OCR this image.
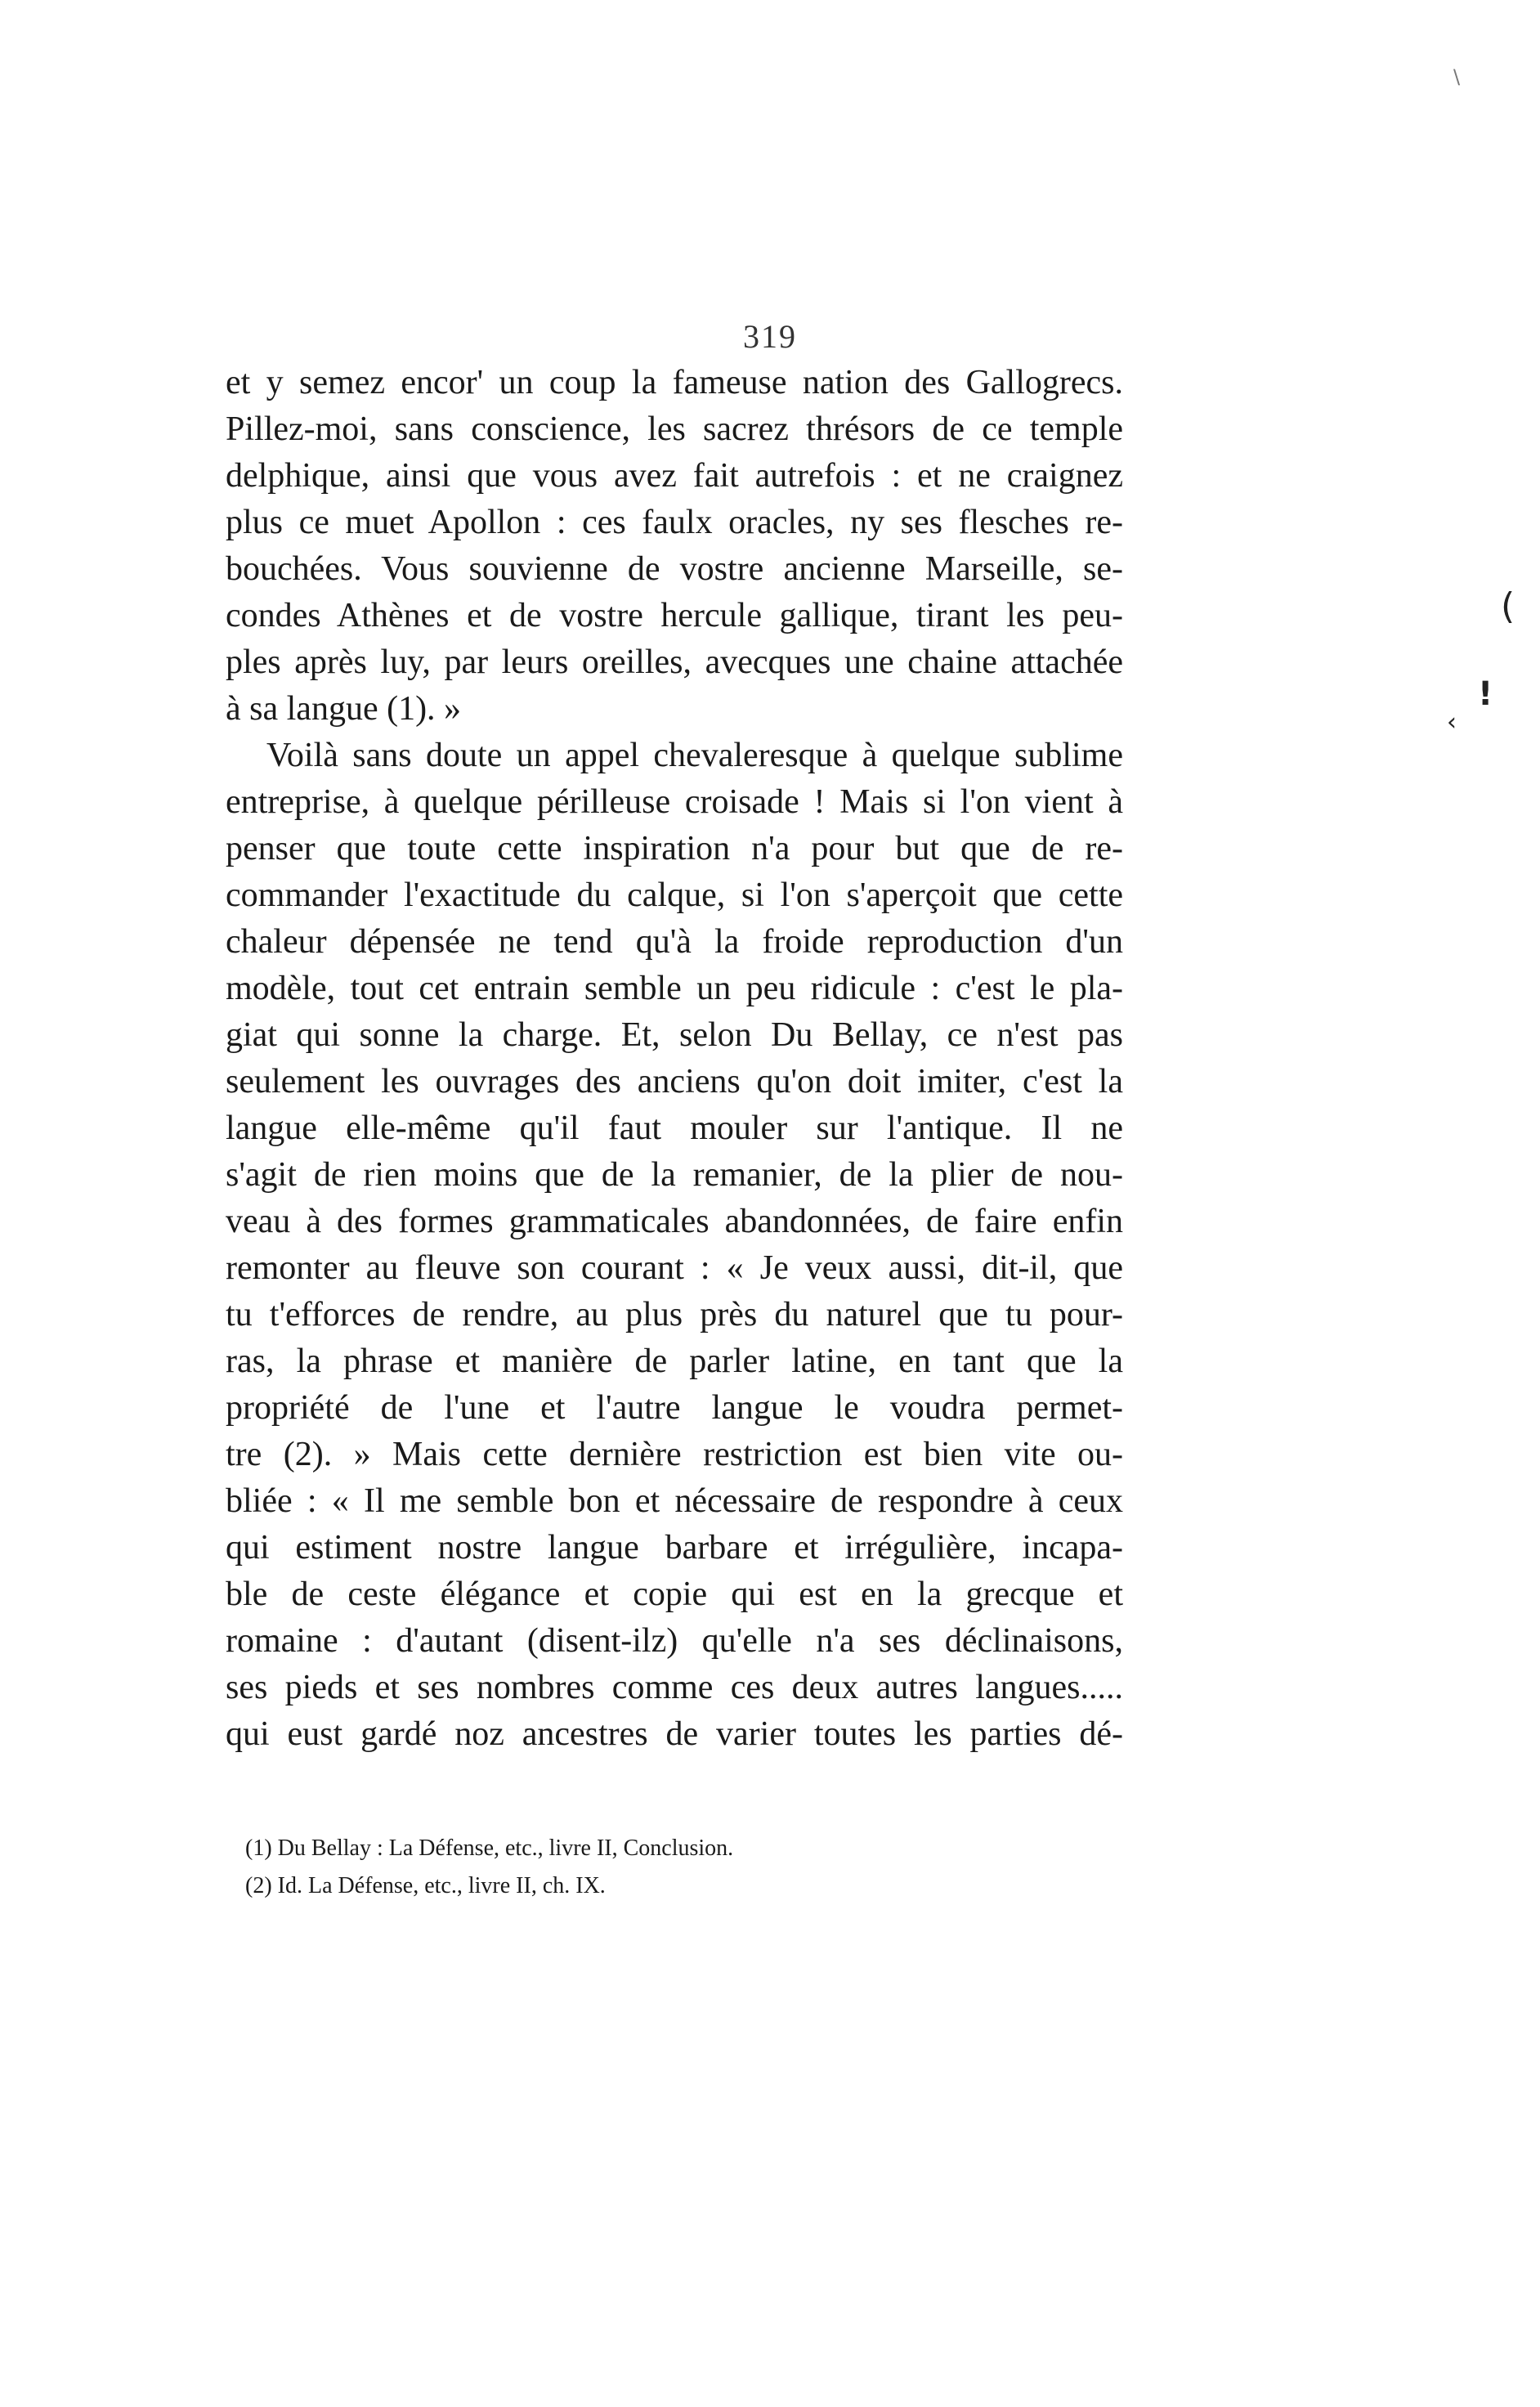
319
et y semez encor' un coup la fameuse nation des Gallogrecs.
Pillez-moi, sans conscience, les sacrez thrésors de ce temple
delphique, ainsi que vous avez fait autrefois : et ne craignez
plus ce muet Apollon : ces faulx oracles, ny ses flesches re-
bouchées. Vous souvienne de vostre ancienne Marseille, se-
condes Athènes et de vostre hercule gallique, tirant les peu-
ples après luy, par leurs oreilles, avecques une chaine attachée
à sa langue (1). »
Voilà sans doute un appel chevaleresque à quelque sublime
entreprise, à quelque périlleuse croisade ! Mais si l'on vient à
penser que toute cette inspiration n'a pour but que de re-
commander l'exactitude du calque, si l'on s'aperçoit que cette
chaleur dépensée ne tend qu'à la froide reproduction d'un
modèle, tout cet entrain semble un peu ridicule : c'est le pla-
giat qui sonne la charge. Et, selon Du Bellay, ce n'est pas
seulement les ouvrages des anciens qu'on doit imiter, c'est la
langue elle-même qu'il faut mouler sur l'antique. Il ne
s'agit de rien moins que de la remanier, de la plier de nou-
veau à des formes grammaticales abandonnées, de faire enfin
remonter au fleuve son courant : « Je veux aussi, dit-il, que
tu t'efforces de rendre, au plus près du naturel que tu pour-
ras, la phrase et manière de parler latine, en tant que la
propriété de l'une et l'autre langue le voudra permet-
tre (2). » Mais cette dernière restriction est bien vite ou-
bliée : « Il me semble bon et nécessaire de respondre à ceux
qui estiment nostre langue barbare et irrégulière, incapa-
ble de ceste élégance et copie qui est en la grecque et
romaine : d'autant (disent-ilz) qu'elle n'a ses déclinaisons,
ses pieds et ses nombres comme ces deux autres langues.....
qui eust gardé noz ancestres de varier toutes les parties dé-
(1) Du Bellay : La Défense, etc., livre II, Conclusion.
(2) Id. La Défense, etc., livre II, ch. IX.
(
!
‹
\
